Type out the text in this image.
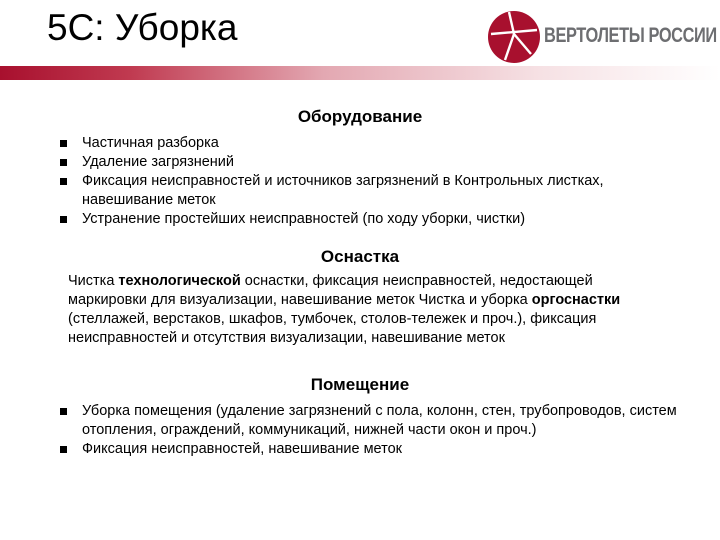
5С: Уборка	ВЕРТОЛЕТЫ РОССИИ
Оборудование
Частичная разборка
Удаление загрязнений
Фиксация неисправностей и источников загрязнений в Контрольных листках, навешивание меток
Устранение простейших неисправностей (по ходу уборки, чистки)
Оснастка
Чистка технологической оснастки, фиксация неисправностей, недостающей маркировки для визуализации, навешивание меток Чистка и уборка оргоснастки (стеллажей, верстаков, шкафов, тумбочек, столов-тележек и проч.), фиксация неисправностей и отсутствия визуализации, навешивание меток
Помещение
Уборка помещения (удаление загрязнений с пола, колонн, стен, трубопроводов, систем отопления, ограждений, коммуникаций, нижней части окон и проч.)
Фиксация неисправностей, навешивание меток
